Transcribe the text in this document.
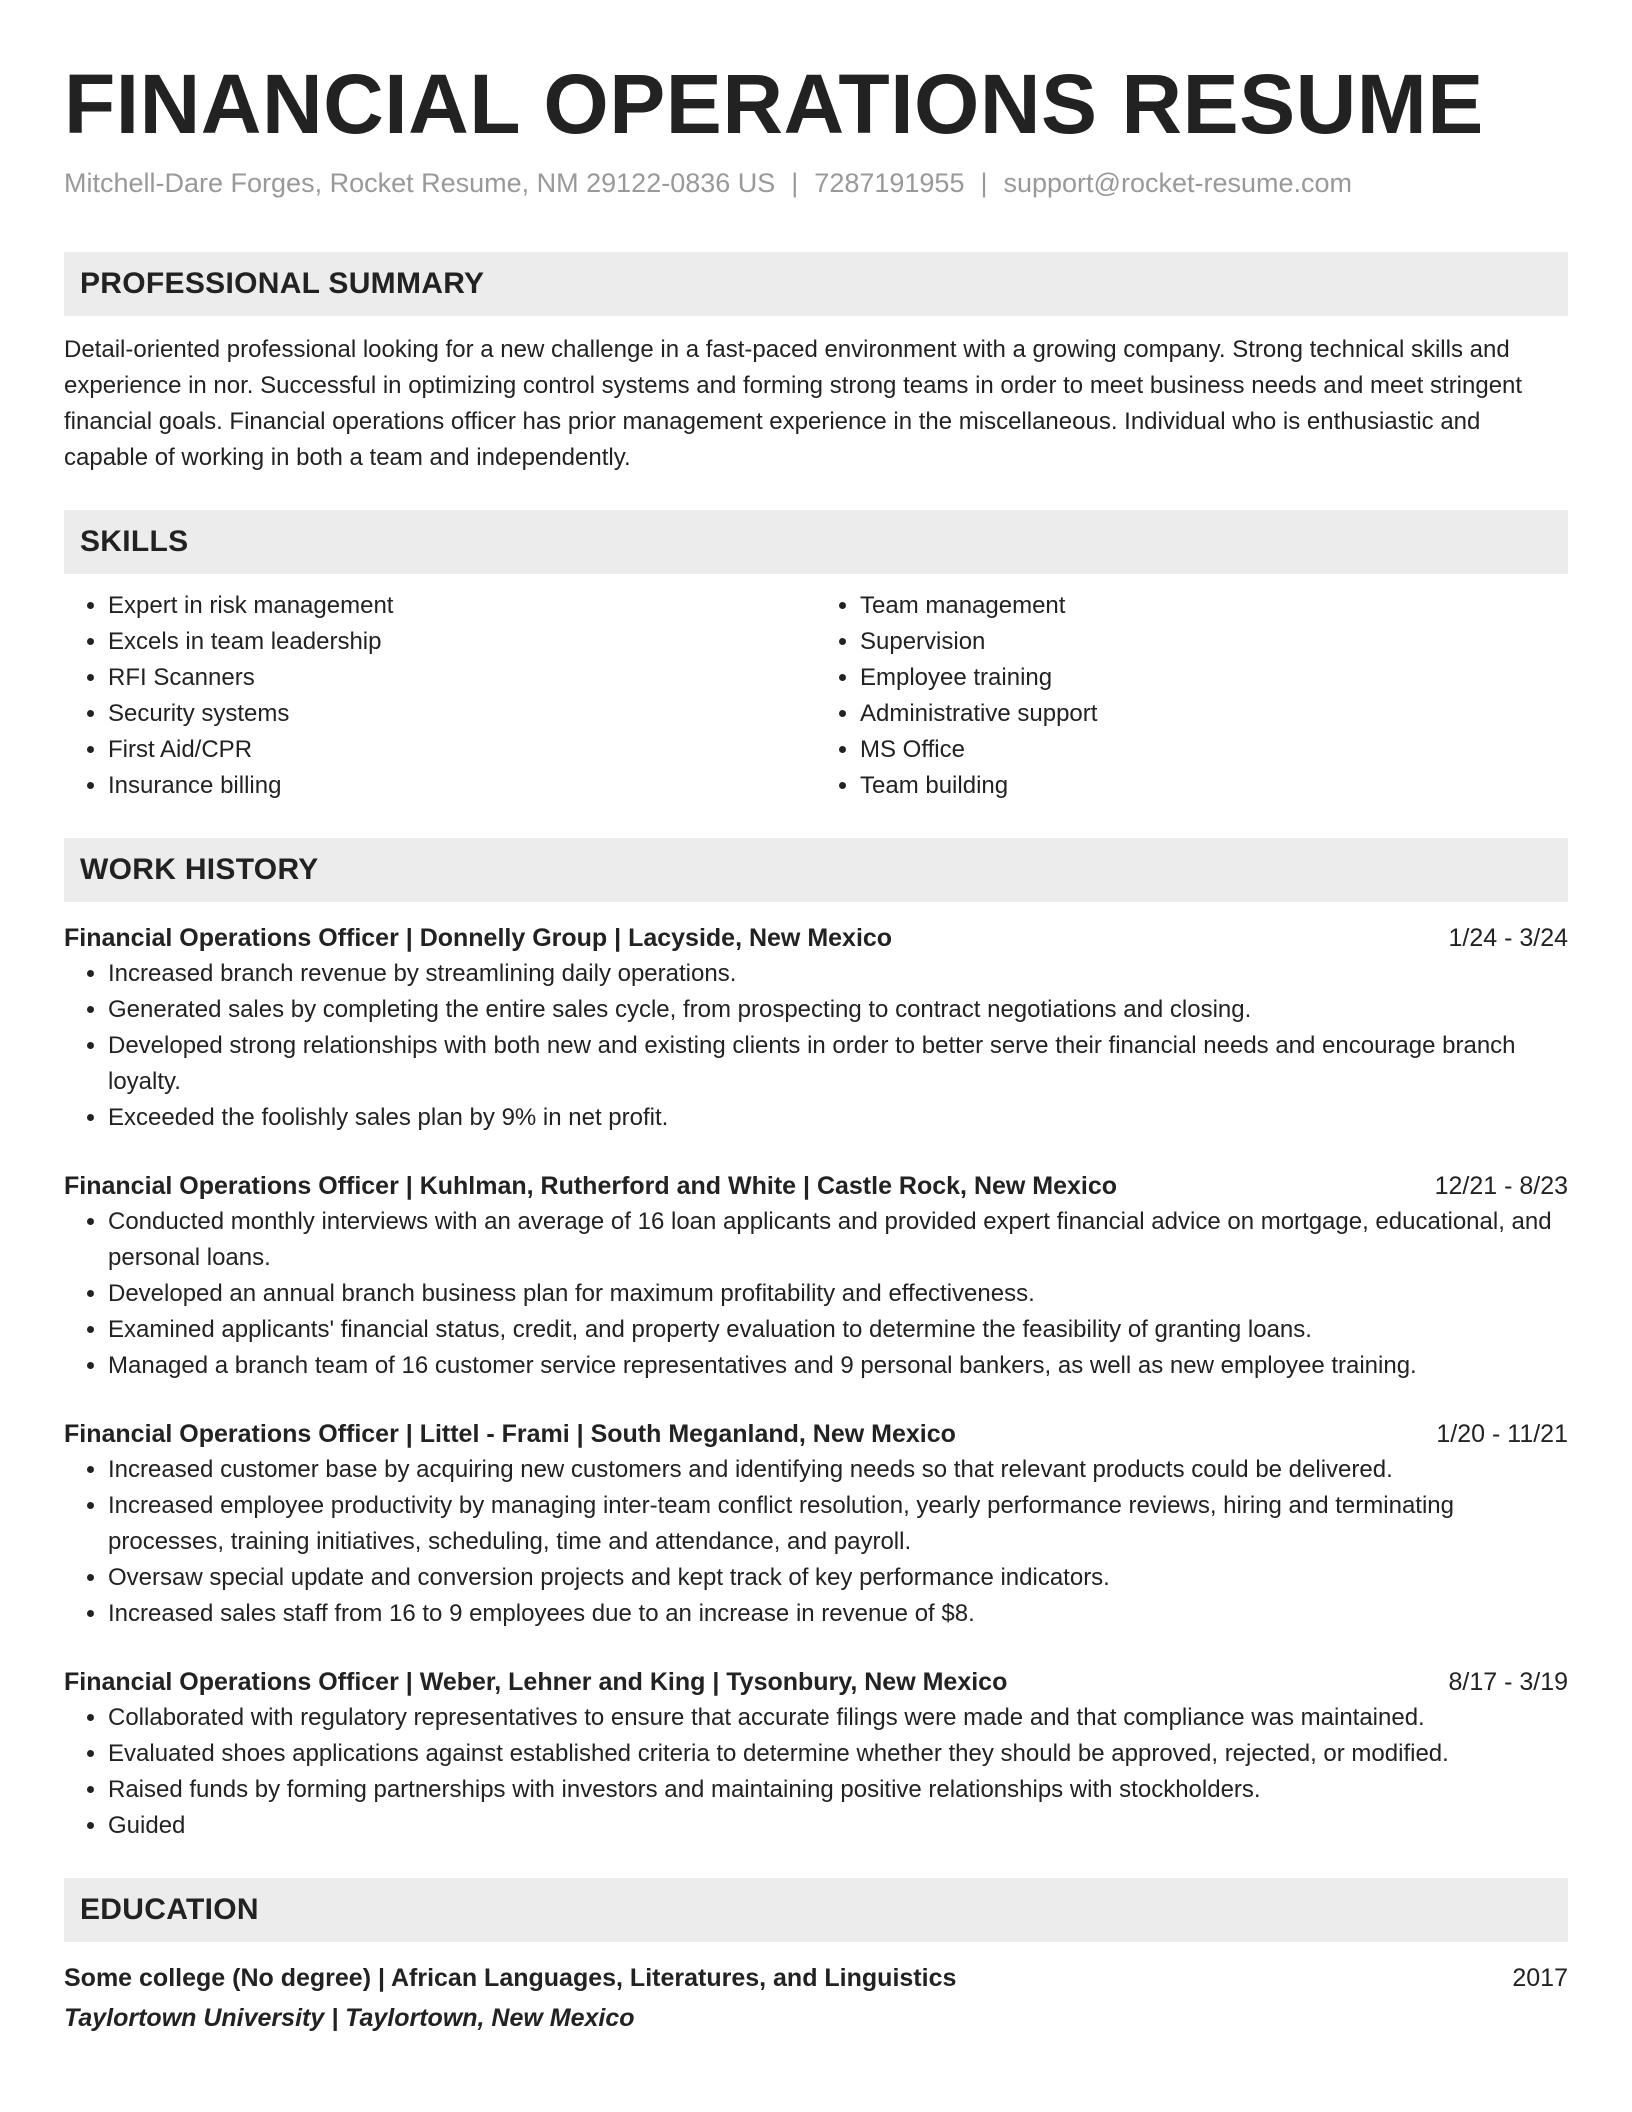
FINANCIAL OPERATIONS RESUME
Mitchell-Dare Forges, Rocket Resume, NM 29122-0836 US | 7287191955 | support@rocket-resume.com
PROFESSIONAL SUMMARY
Detail-oriented professional looking for a new challenge in a fast-paced environment with a growing company. Strong technical skills and experience in nor. Successful in optimizing control systems and forming strong teams in order to meet business needs and meet stringent financial goals. Financial operations officer has prior management experience in the miscellaneous. Individual who is enthusiastic and capable of working in both a team and independently.
SKILLS
• Expert in risk management
• Excels in team leadership
• RFI Scanners
• Security systems
• First Aid/CPR
• Insurance billing
• Team management
• Supervision
• Employee training
• Administrative support
• MS Office
• Team building
WORK HISTORY
Financial Operations Officer | Donnelly Group | Lacyside, New Mexico	1/24 - 3/24
• Increased branch revenue by streamlining daily operations.
• Generated sales by completing the entire sales cycle, from prospecting to contract negotiations and closing.
• Developed strong relationships with both new and existing clients in order to better serve their financial needs and encourage branch loyalty.
• Exceeded the foolishly sales plan by 9% in net profit.
Financial Operations Officer | Kuhlman, Rutherford and White | Castle Rock, New Mexico	12/21 - 8/23
• Conducted monthly interviews with an average of 16 loan applicants and provided expert financial advice on mortgage, educational, and personal loans.
• Developed an annual branch business plan for maximum profitability and effectiveness.
• Examined applicants' financial status, credit, and property evaluation to determine the feasibility of granting loans.
• Managed a branch team of 16 customer service representatives and 9 personal bankers, as well as new employee training.
Financial Operations Officer | Littel - Frami | South Meganland, New Mexico	1/20 - 11/21
• Increased customer base by acquiring new customers and identifying needs so that relevant products could be delivered.
• Increased employee productivity by managing inter-team conflict resolution, yearly performance reviews, hiring and terminating processes, training initiatives, scheduling, time and attendance, and payroll.
• Oversaw special update and conversion projects and kept track of key performance indicators.
• Increased sales staff from 16 to 9 employees due to an increase in revenue of $8.
Financial Operations Officer | Weber, Lehner and King | Tysonbury, New Mexico	8/17 - 3/19
• Collaborated with regulatory representatives to ensure that accurate filings were made and that compliance was maintained.
• Evaluated shoes applications against established criteria to determine whether they should be approved, rejected, or modified.
• Raised funds by forming partnerships with investors and maintaining positive relationships with stockholders.
• Guided
EDUCATION
Some college (No degree) | African Languages, Literatures, and Linguistics	2017
Taylortown University | Taylortown, New Mexico
